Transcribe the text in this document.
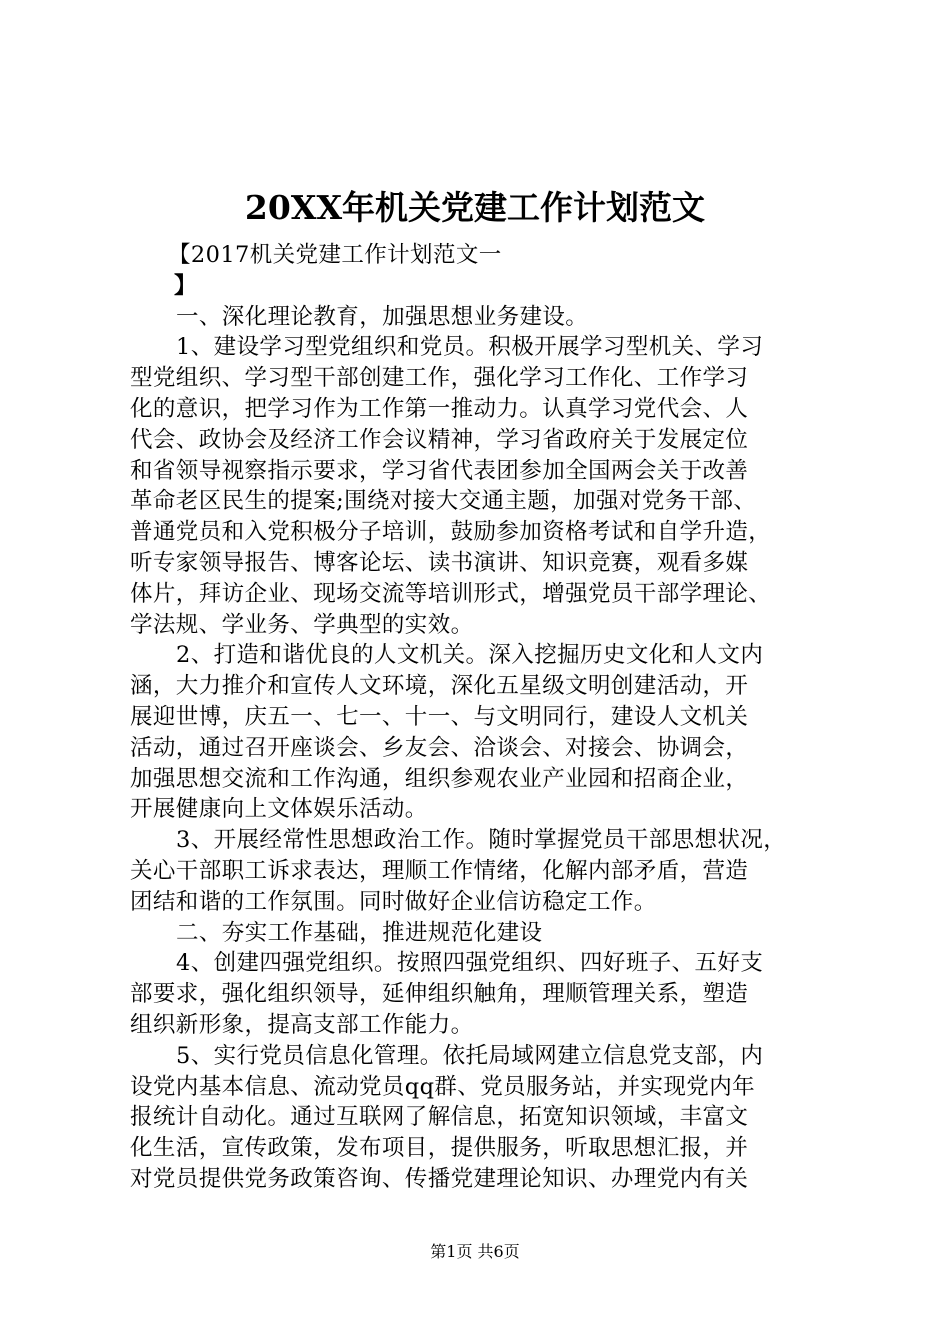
20XX年机关党建工作计划范文
【2017机关党建工作计划范文一
】
一、深化理论教育，加强思想业务建设。
1、建设学习型党组织和党员。积极开展学习型机关、学习
型党组织、学习型干部创建工作，强化学习工作化、工作学习
化的意识，把学习作为工作第一推动力。认真学习党代会、人
代会、政协会及经济工作会议精神，学习省政府关于发展定位
和省领导视察指示要求，学习省代表团参加全国两会关于改善
革命老区民生的提案;围绕对接大交通主题，加强对党务干部、
普通党员和入党积极分子培训，鼓励参加资格考试和自学升造，
听专家领导报告、博客论坛、读书演讲、知识竞赛，观看多媒
体片，拜访企业、现场交流等培训形式，增强党员干部学理论、
学法规、学业务、学典型的实效。
2、打造和谐优良的人文机关。深入挖掘历史文化和人文内
涵，大力推介和宣传人文环境，深化五星级文明创建活动，开
展迎世博，庆五一、七一、十一、与文明同行，建设人文机关
活动，通过召开座谈会、乡友会、洽谈会、对接会、协调会，
加强思想交流和工作沟通，组织参观农业产业园和招商企业，
开展健康向上文体娱乐活动。
3、开展经常性思想政治工作。随时掌握党员干部思想状况，
关心干部职工诉求表达，理顺工作情绪，化解内部矛盾，营造
团结和谐的工作氛围。同时做好企业信访稳定工作。
二、夯实工作基础，推进规范化建设
4、创建四强党组织。按照四强党组织、四好班子、五好支
部要求，强化组织领导，延伸组织触角，理顺管理关系，塑造
组织新形象，提高支部工作能力。
5、实行党员信息化管理。依托局域网建立信息党支部，内
设党内基本信息、流动党员qq群、党员服务站，并实现党内年
报统计自动化。通过互联网了解信息，拓宽知识领域，丰富文
化生活，宣传政策，发布项目，提供服务，听取思想汇报，并
对党员提供党务政策咨询、传播党建理论知识、办理党内有关
第1页 共6页
